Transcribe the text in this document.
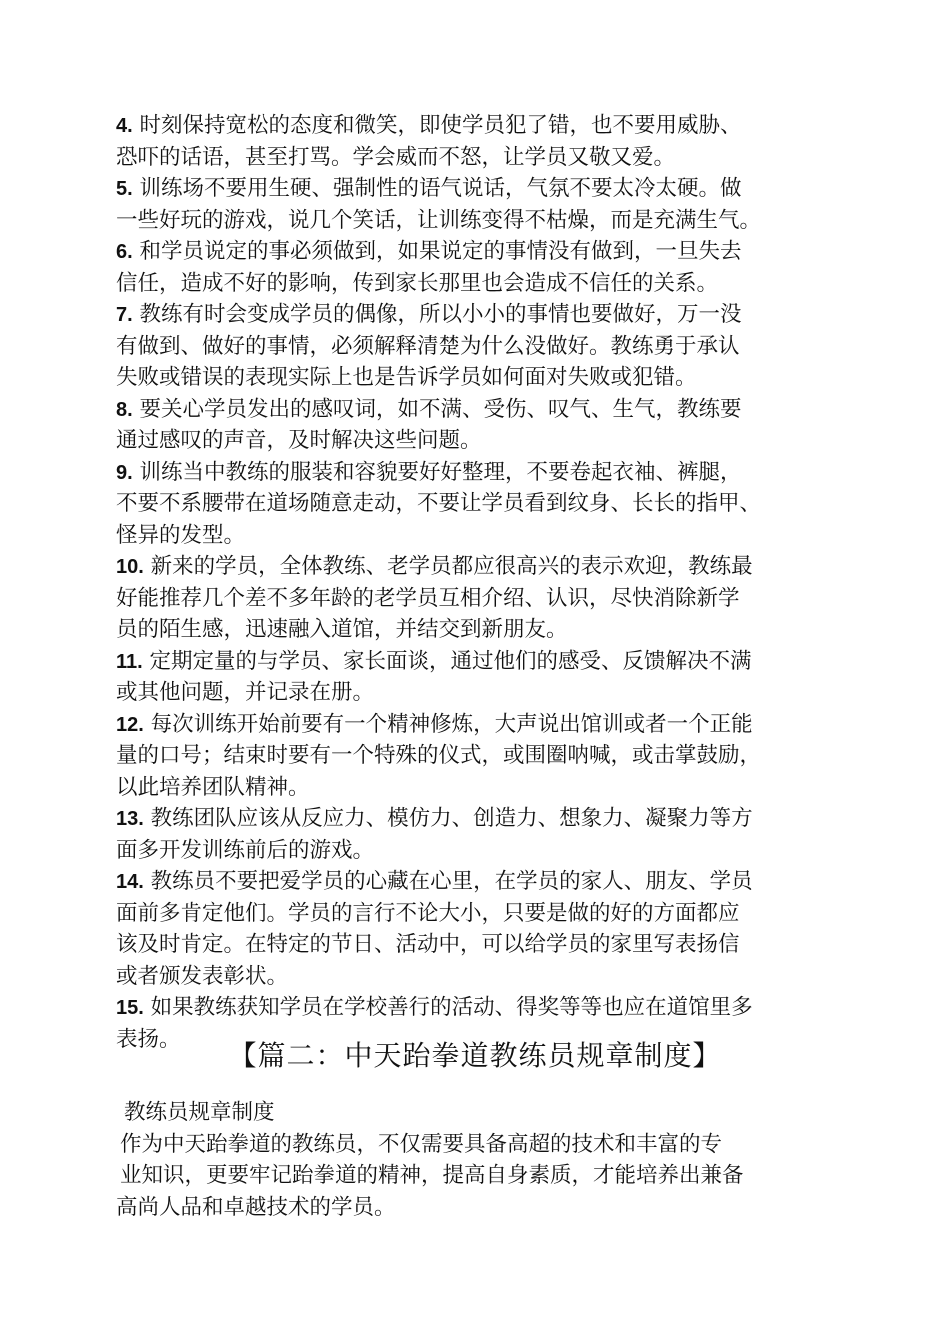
4. 时刻保持宽松的态度和微笑，即使学员犯了错，也不要用威胁、
恐吓的话语，甚至打骂。学会威而不怒，让学员又敬又爱。
5. 训练场不要用生硬、强制性的语气说话，气氛不要太冷太硬。做
一些好玩的游戏，说几个笑话，让训练变得不枯燥，而是充满生气。
6. 和学员说定的事必须做到，如果说定的事情没有做到，一旦失去
信任，造成不好的影响，传到家长那里也会造成不信任的关系。
7. 教练有时会变成学员的偶像，所以小小的事情也要做好，万一没
有做到、做好的事情，必须解释清楚为什么没做好。教练勇于承认
失败或错误的表现实际上也是告诉学员如何面对失败或犯错。
8. 要关心学员发出的感叹词，如不满、受伤、叹气、生气，教练要
通过感叹的声音，及时解决这些问题。
9. 训练当中教练的服装和容貌要好好整理，不要卷起衣袖、裤腿，
不要不系腰带在道场随意走动，不要让学员看到纹身、长长的指甲、
怪异的发型。
10. 新来的学员，全体教练、老学员都应很高兴的表示欢迎，教练最
好能推荐几个差不多年龄的老学员互相介绍、认识，尽快消除新学
员的陌生感，迅速融入道馆，并结交到新朋友。
11. 定期定量的与学员、家长面谈，通过他们的感受、反馈解决不满
或其他问题，并记录在册。
12. 每次训练开始前要有一个精神修炼，大声说出馆训或者一个正能
量的口号；结束时要有一个特殊的仪式，或围圈呐喊，或击掌鼓励，
以此培养团队精神。
13. 教练团队应该从反应力、模仿力、创造力、想象力、凝聚力等方
面多开发训练前后的游戏。
14. 教练员不要把爱学员的心藏在心里，在学员的家人、朋友、学员
面前多肯定他们。学员的言行不论大小，只要是做的好的方面都应
该及时肯定。在特定的节日、活动中，可以给学员的家里写表扬信
或者颁发表彰状。
15. 如果教练获知学员在学校善行的活动、得奖等等也应在道馆里多
表扬。	【篇二：中天跆拳道教练员规章制度】
教练员规章制度
作为中天跆拳道的教练员，不仅需要具备高超的技术和丰富的专
业知识，更要牢记跆拳道的精神，提高自身素质，才能培养出兼备
高尚人品和卓越技术的学员。
